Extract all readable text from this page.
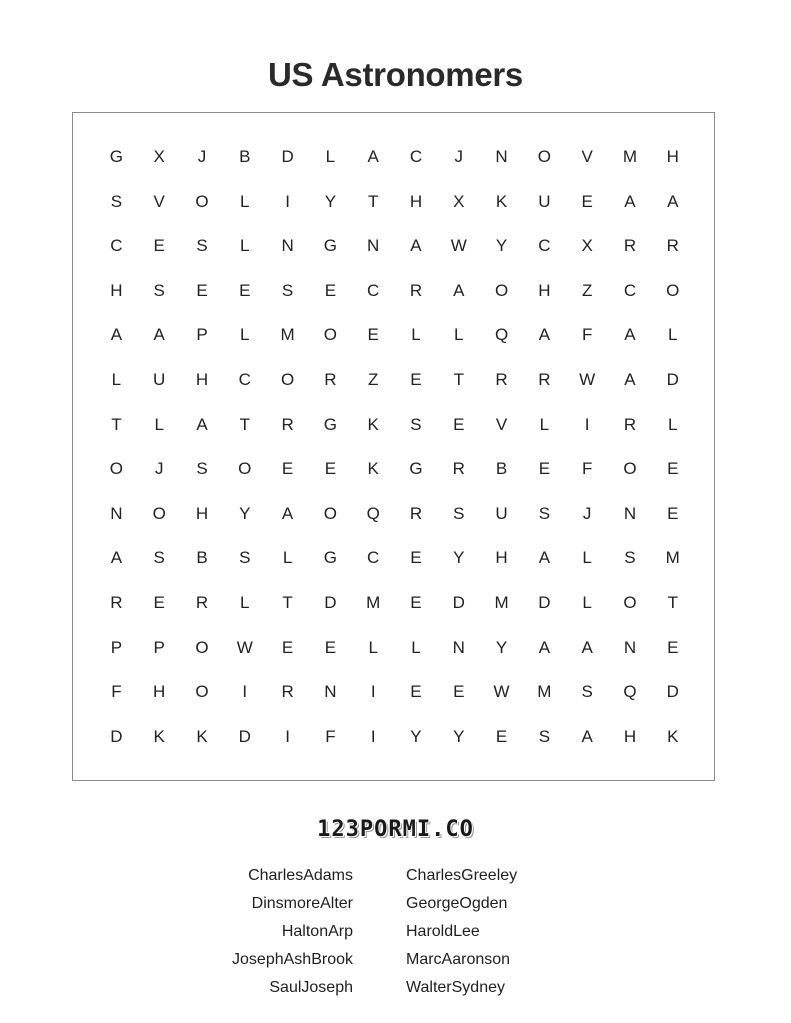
US Astronomers
G	X	J	B	D	L	A	C	J	N	O	V	M	H
S	V	O	L	I	Y	T	H	X	K	U	E	A	A
C	E	S	L	N	G	N	A	W	Y	C	X	R	R
H	S	E	E	S	E	C	R	A	O	H	Z	C	O
A	A	P	L	M	O	E	L	L	Q	A	F	A	L
L	U	H	C	O	R	Z	E	T	R	R	W	A	D
T	L	A	T	R	G	K	S	E	V	L	I	R	L
O	J	S	O	E	E	K	G	R	B	E	F	O	E
N	O	H	Y	A	O	Q	R	S	U	S	J	N	E
A	S	B	S	L	G	C	E	Y	H	A	L	S	M
R	E	R	L	T	D	M	E	D	M	D	L	O	T
P	P	O	W	E	E	L	L	N	Y	A	A	N	E
F	H	O	I	R	N	I	E	E	W	M	S	Q	D
D	K	K	D	I	F	I	Y	Y	E	S	A	H	K
123PORMI.CO
CharlesAdams
DinsmoreAlter
HaltonArp
JosephAshBrook
SaulJoseph
CharlesGreeley
GeorgeOgden
HaroldLee
MarcAaronson
WalterSydney
